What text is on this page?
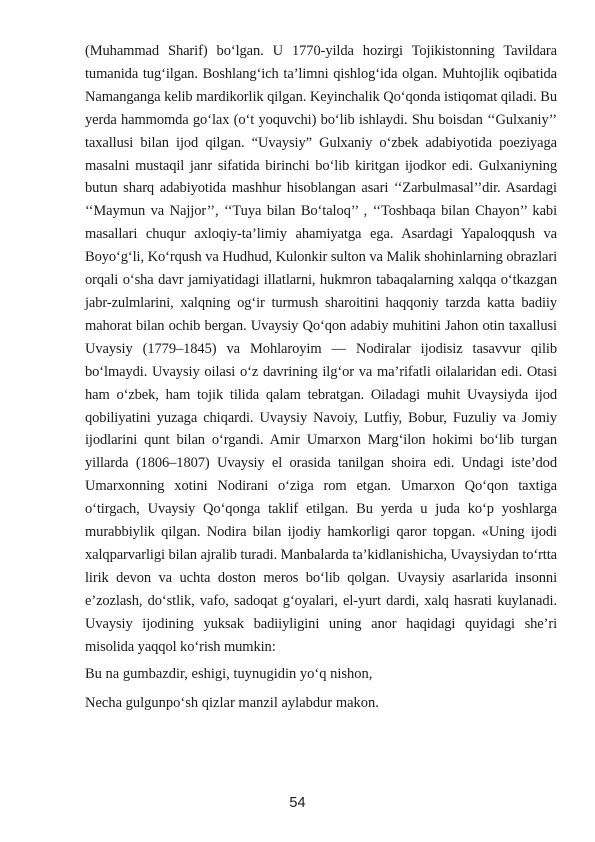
(Muhammad Sharif) bo‘lgan. U 1770-yilda hozirgi Tojikistonning Tavildara tumanida tug‘ilgan. Boshlang‘ich ta’limni qishlog‘ida olgan. Muhtojlik oqibatida Namanganga kelib mardikorlik qilgan. Keyinchalik Qo‘qonda istiqomat qiladi. Bu yerda hammomda go‘lax (o‘t yoquvchi) bo‘lib ishlaydi. Shu boisdan ‘‘Gulxaniy’’ taxallusi bilan ijod qilgan. “Uvaysiy” Gulxaniy o‘zbek adabiyotida poeziyaga masalni mustaqil janr sifatida birinchi bo‘lib kiritgan ijodkor edi. Gulxaniyning butun sharq adabiyotida mashhur hisoblangan asari ‘‘Zarbulmasal’’dir. Asardagi ‘‘Maymun va Najjor’’, ‘‘Tuya bilan Bo‘taloq’’ , ‘‘Toshbaqa bilan Chayon’’ kabi masallari chuqur axloqiy-ta’limiy ahamiyatga ega. Asardagi Yapaloqqush va Boyo‘g‘li, Ko‘rqush va Hudhud, Kulonkir sulton va Malik shohinlarning obrazlari orqali o‘sha davr jamiyatidagi illatlarni, hukmron tabaqalarning xalqqa o‘tkazgan jabr-zulmlarini, xalqning og‘ir turmush sharoitini haqqoniy tarzda katta badiiy mahorat bilan ochib bergan. Uvaysiy Qo‘qon adabiy muhitini Jahon otin taxallusi Uvaysiy (1779–1845) va Mohlaroyim — Nodiralar ijodisiz tasavvur qilib bo‘lmaydi. Uvaysiy oilasi o‘z davrining ilg‘or va ma’rifatli oilalaridan edi. Otasi ham o‘zbek, ham tojik tilida qalam tebratgan. Oiladagi muhit Uvaysiyda ijod qobiliyatini yuzaga chiqardi. Uvaysiy Navoiy, Lutfiy, Bobur, Fuzuliy va Jomiy ijodlarini qunt bilan o‘rgandi. Amir Umarxon Marg‘ilon hokimi bo‘lib turgan yillarda (1806–1807) Uvaysiy el orasida tanilgan shoira edi. Undagi iste’dod Umarxonning xotini Nodirani o‘ziga rom etgan. Umarxon Qo‘qon taxtiga o‘tirgach, Uvaysiy Qo‘qonga taklif etilgan. Bu yerda u juda ko‘p yoshlarga murabbiylik qilgan. Nodira bilan ijodiy hamkorligi qaror topgan. «Uning ijodi xalqparvarligi bilan ajralib turadi. Manbalarda ta’kidlanishicha, Uvaysiydan to‘rtta lirik devon va uchta doston meros bo‘lib qolgan. Uvaysiy asarlarida insonni e’zozlash, do‘stlik, vafo, sadoqat g‘oyalari, el-yurt dardi, xalq hasrati kuylanadi. Uvaysiy ijodining yuksak badiiyligini uning anor haqidagi quyidagi she’ri misolida yaqqol ko‘rish mumkin:

Bu na gumbazdir, eshigi, tuynugidin yo‘q nishon,

Necha gulgunpo‘sh qizlar manzil aylabdur makon.

54
